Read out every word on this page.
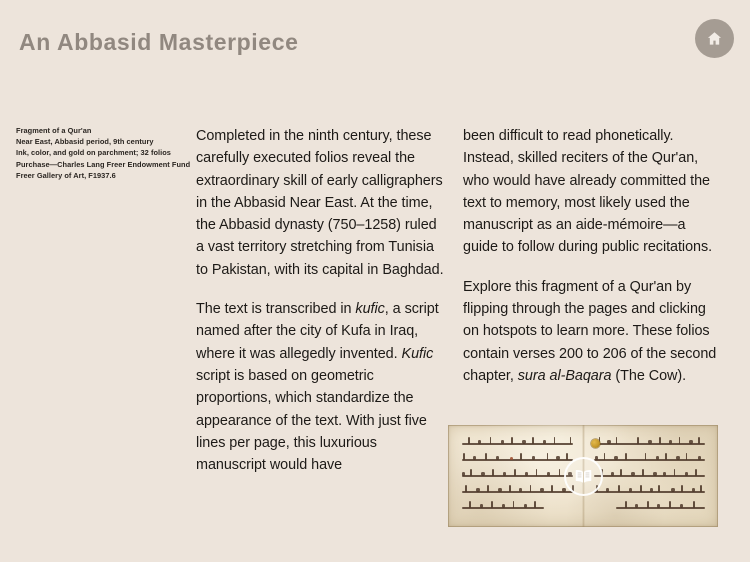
An Abbasid Masterpiece
Fragment of a Qur'an
Near East, Abbasid period, 9th century
Ink, color, and gold on parchment; 32 folios
Purchase—Charles Lang Freer Endowment Fund
Freer Gallery of Art, F1937.6

Completed in the ninth century, these carefully executed folios reveal the extraordinary skill of early calligraphers in the Abbasid Near East. At the time, the Abbasid dynasty (750–1258) ruled a vast territory stretching from Tunisia to Pakistan, with its capital in Baghdad.

The text is transcribed in kufic, a script named after the city of Kufa in Iraq, where it was allegedly invented. Kufic script is based on geometric proportions, which standardize the appearance of the text. With just five lines per page, this luxurious manuscript would have

been difficult to read phonetically. Instead, skilled reciters of the Qur'an, who would have already committed the text to memory, most likely used the manuscript as an aide-mémoire—a guide to follow during public recitations.

Explore this fragment of a Qur'an by flipping through the pages and clicking on hotspots to learn more. These folios contain verses 200 to 206 of the second chapter, sura al-Baqara (The Cow).
